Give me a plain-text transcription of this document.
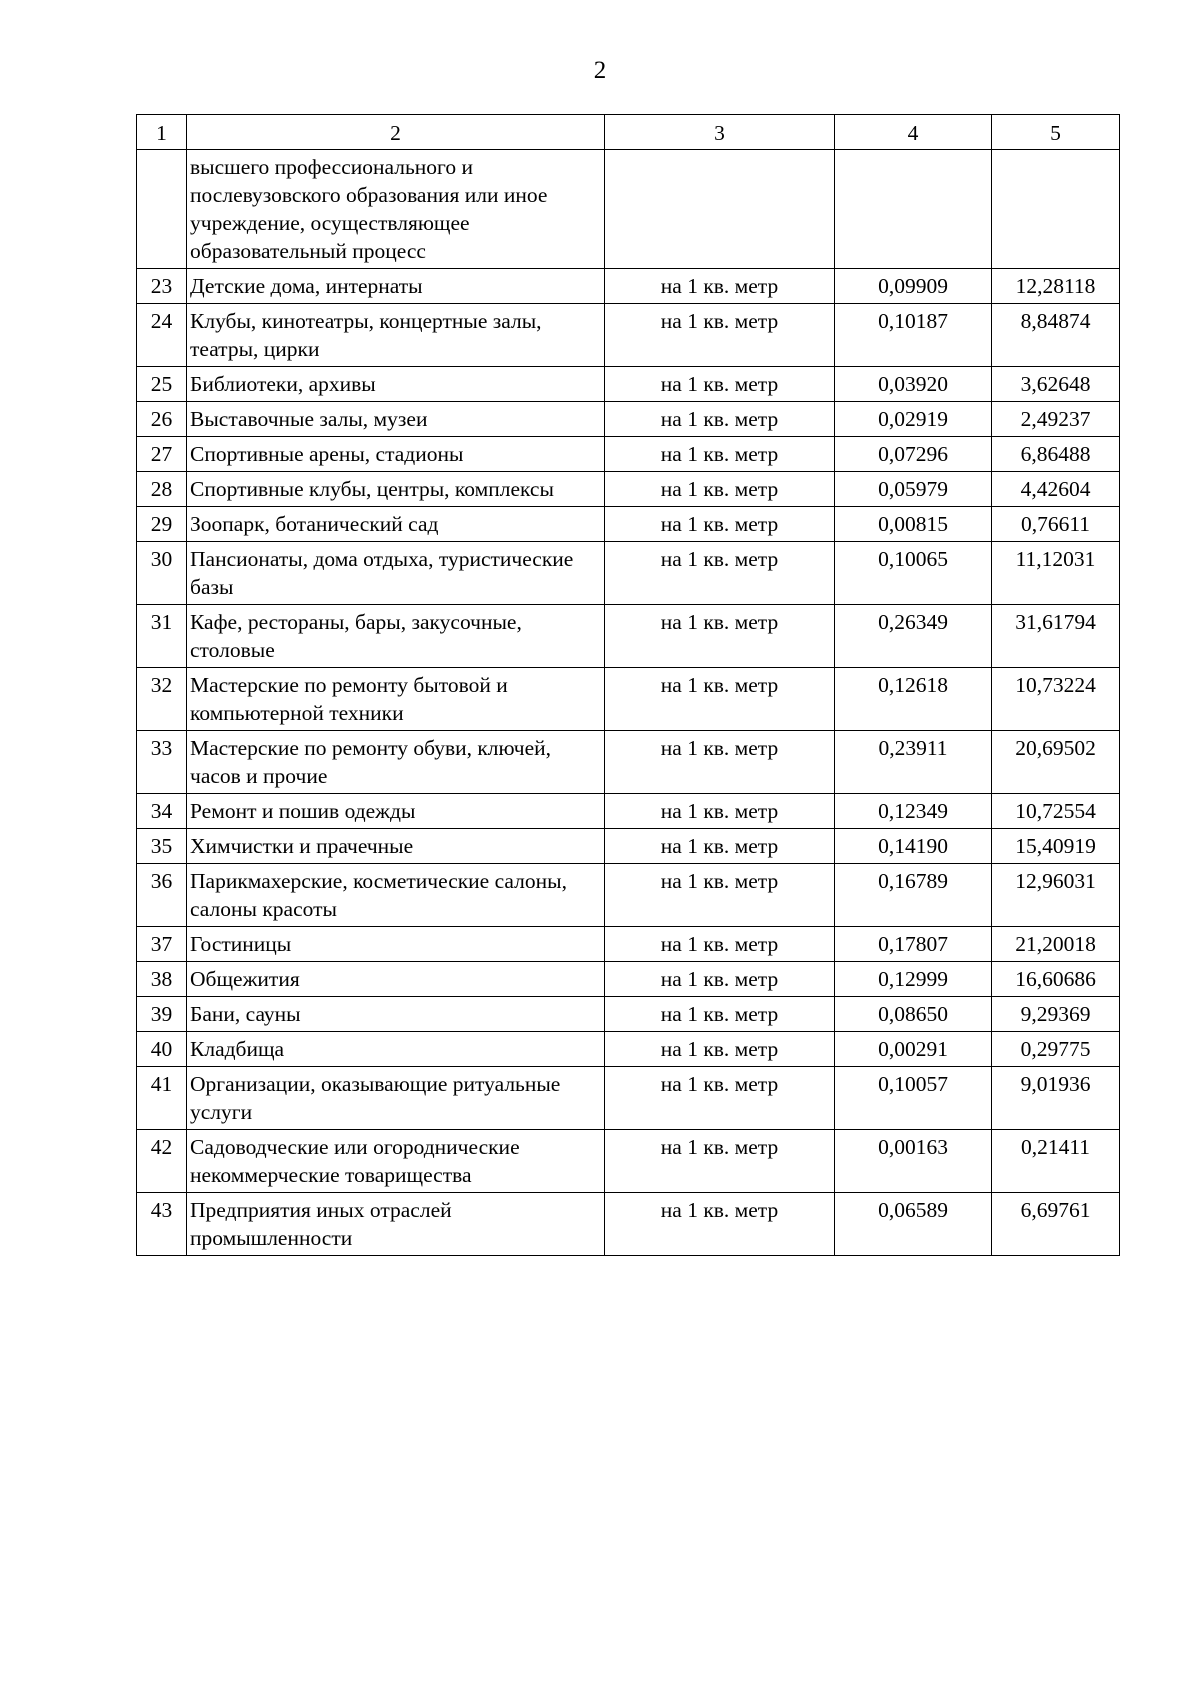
2
1	2	3	4	5
	высшего профессионального и послевузовского образования или иное учреждение, осуществляющее образовательный процесс			
23	Детские дома, интернаты	на 1 кв. метр	0,09909	12,28118
24	Клубы, кинотеатры, концертные залы, театры, цирки	на 1 кв. метр	0,10187	8,84874
25	Библиотеки, архивы	на 1 кв. метр	0,03920	3,62648
26	Выставочные залы, музеи	на 1 кв. метр	0,02919	2,49237
27	Спортивные арены, стадионы	на 1 кв. метр	0,07296	6,86488
28	Спортивные клубы, центры, комплексы	на 1 кв. метр	0,05979	4,42604
29	Зоопарк, ботанический сад	на 1 кв. метр	0,00815	0,76611
30	Пансионаты, дома отдыха, туристические базы	на 1 кв. метр	0,10065	11,12031
31	Кафе, рестораны, бары, закусочные, столовые	на 1 кв. метр	0,26349	31,61794
32	Мастерские по ремонту бытовой и компьютерной техники	на 1 кв. метр	0,12618	10,73224
33	Мастерские по ремонту обуви, ключей, часов и прочие	на 1 кв. метр	0,23911	20,69502
34	Ремонт и пошив одежды	на 1 кв. метр	0,12349	10,72554
35	Химчистки и прачечные	на 1 кв. метр	0,14190	15,40919
36	Парикмахерские, косметические салоны, салоны красоты	на 1 кв. метр	0,16789	12,96031
37	Гостиницы	на 1 кв. метр	0,17807	21,20018
38	Общежития	на 1 кв. метр	0,12999	16,60686
39	Бани, сауны	на 1 кв. метр	0,08650	9,29369
40	Кладбища	на 1 кв. метр	0,00291	0,29775
41	Организации, оказывающие ритуальные услуги	на 1 кв. метр	0,10057	9,01936
42	Садоводческие или огороднические некоммерческие товарищества	на 1 кв. метр	0,00163	0,21411
43	Предприятия иных отраслей промышленности	на 1 кв. метр	0,06589	6,69761
